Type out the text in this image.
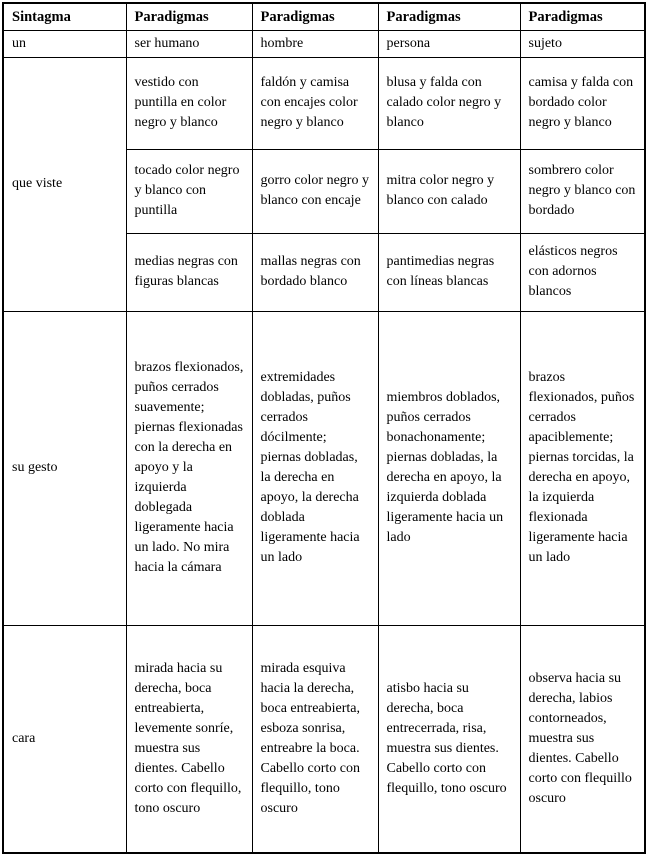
Sintagma	Paradigmas	Paradigmas	Paradigmas	Paradigmas
un	ser humano	hombre	persona	sujeto
que viste	vestido con puntilla en color negro y blanco	faldón y camisa con encajes color negro y blanco	blusa y falda con calado color negro y blanco	camisa y falda con bordado color negro y blanco
	tocado color negro y blanco con puntilla	gorro color negro y blanco con encaje	mitra color negro y blanco con calado	sombrero color negro y blanco con bordado
	medias negras con figuras blancas	mallas negras con bordado blanco	pantimedias negras con líneas blancas	elásticos negros con adornos blancos
su gesto	brazos flexionados, puños cerrados suavemente; piernas flexionadas con la derecha en apoyo y la izquierda doblegada ligeramente hacia un lado. No mira hacia la cámara	extremidades dobladas, puños cerrados dócilmente; piernas dobladas, la derecha en apoyo, la derecha doblada ligeramente hacia un lado	miembros doblados, puños cerrados bonachonamente; piernas dobladas, la derecha en apoyo, la izquierda doblada ligeramente hacia un lado	brazos flexionados, puños cerrados apaciblemente; piernas torcidas, la derecha en apoyo, la izquierda flexionada ligeramente hacia un lado
cara	mirada hacia su derecha, boca entreabierta, levemente sonríe, muestra sus dientes. Cabello corto con flequillo, tono oscuro	mirada esquiva hacia la derecha, boca entreabierta, esboza sonrisa, entreabre la boca. Cabello corto con flequillo, tono oscuro	atisbo hacia su derecha, boca entrecerrada, risa, muestra sus dientes. Cabello corto con flequillo, tono oscuro	observa hacia su derecha, labios contorneados, muestra sus dientes. Cabello corto con flequillo oscuro
